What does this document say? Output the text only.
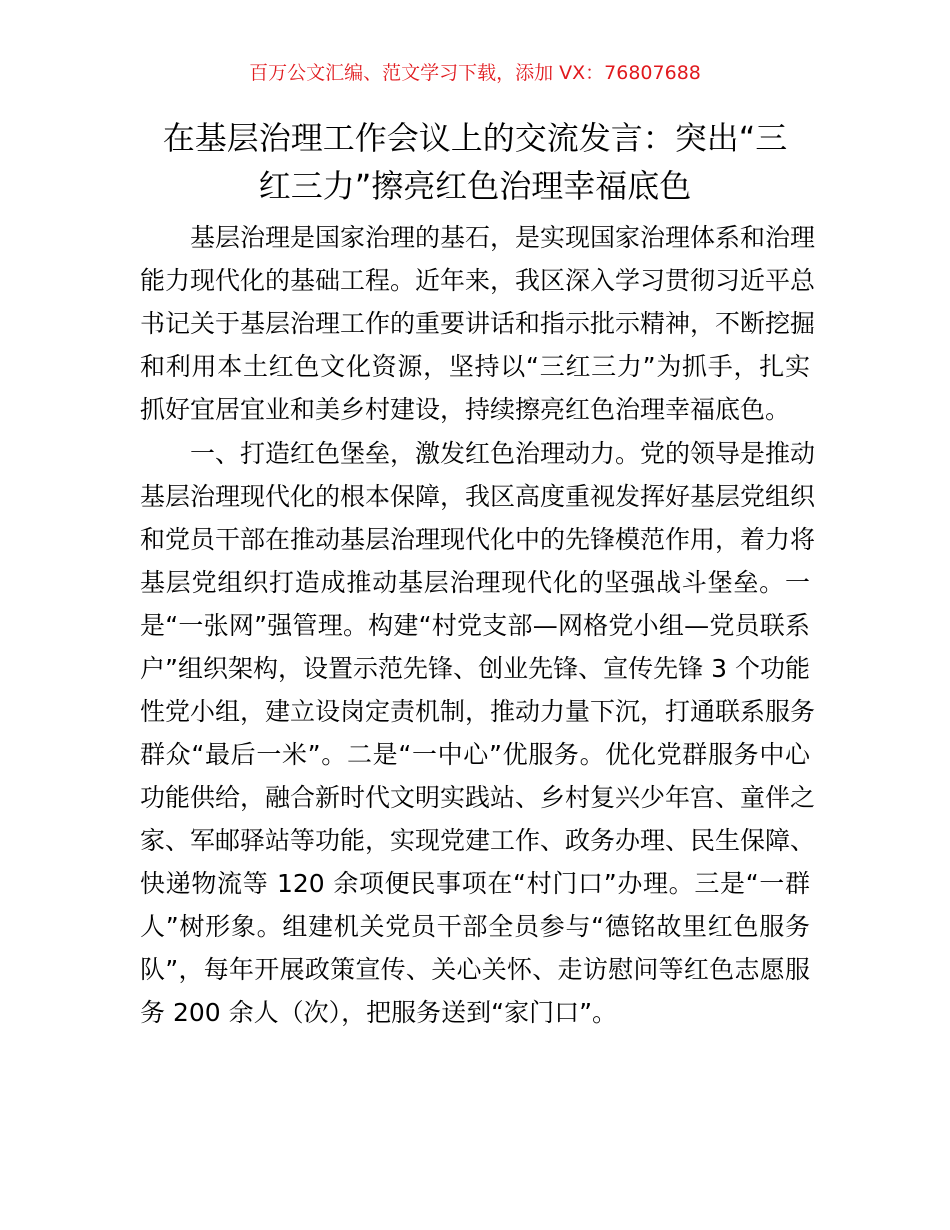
百万公文汇编、范文学习下载，添加 VX：76807688
在基层治理工作会议上的交流发言：突出“三
红三力”擦亮红色治理幸福底色
基层治理是国家治理的基石，是实现国家治理体系和治理
能力现代化的基础工程。近年来，我区深入学习贯彻习近平总
书记关于基层治理工作的重要讲话和指示批示精神，不断挖掘
和利用本土红色文化资源，坚持以“三红三力”为抓手，扎实
抓好宜居宜业和美乡村建设，持续擦亮红色治理幸福底色。
一、打造红色堡垒，激发红色治理动力。党的领导是推动
基层治理现代化的根本保障，我区高度重视发挥好基层党组织
和党员干部在推动基层治理现代化中的先锋模范作用，着力将
基层党组织打造成推动基层治理现代化的坚强战斗堡垒。一
是“一张网”强管理。构建“村党支部—网格党小组—党员联系
户”组织架构，设置示范先锋、创业先锋、宣传先锋 3 个功能
性党小组，建立设岗定责机制，推动力量下沉，打通联系服务
群众“最后一米”。二是“一中心”优服务。优化党群服务中心
功能供给，融合新时代文明实践站、乡村复兴少年宫、童伴之
家、军邮驿站等功能，实现党建工作、政务办理、民生保障、
快递物流等 120 余项便民事项在“村门口”办理。三是“一群
人”树形象。组建机关党员干部全员参与“德铭故里红色服务
队”，每年开展政策宣传、关心关怀、走访慰问等红色志愿服
务 200 余人（次），把服务送到“家门口”。
